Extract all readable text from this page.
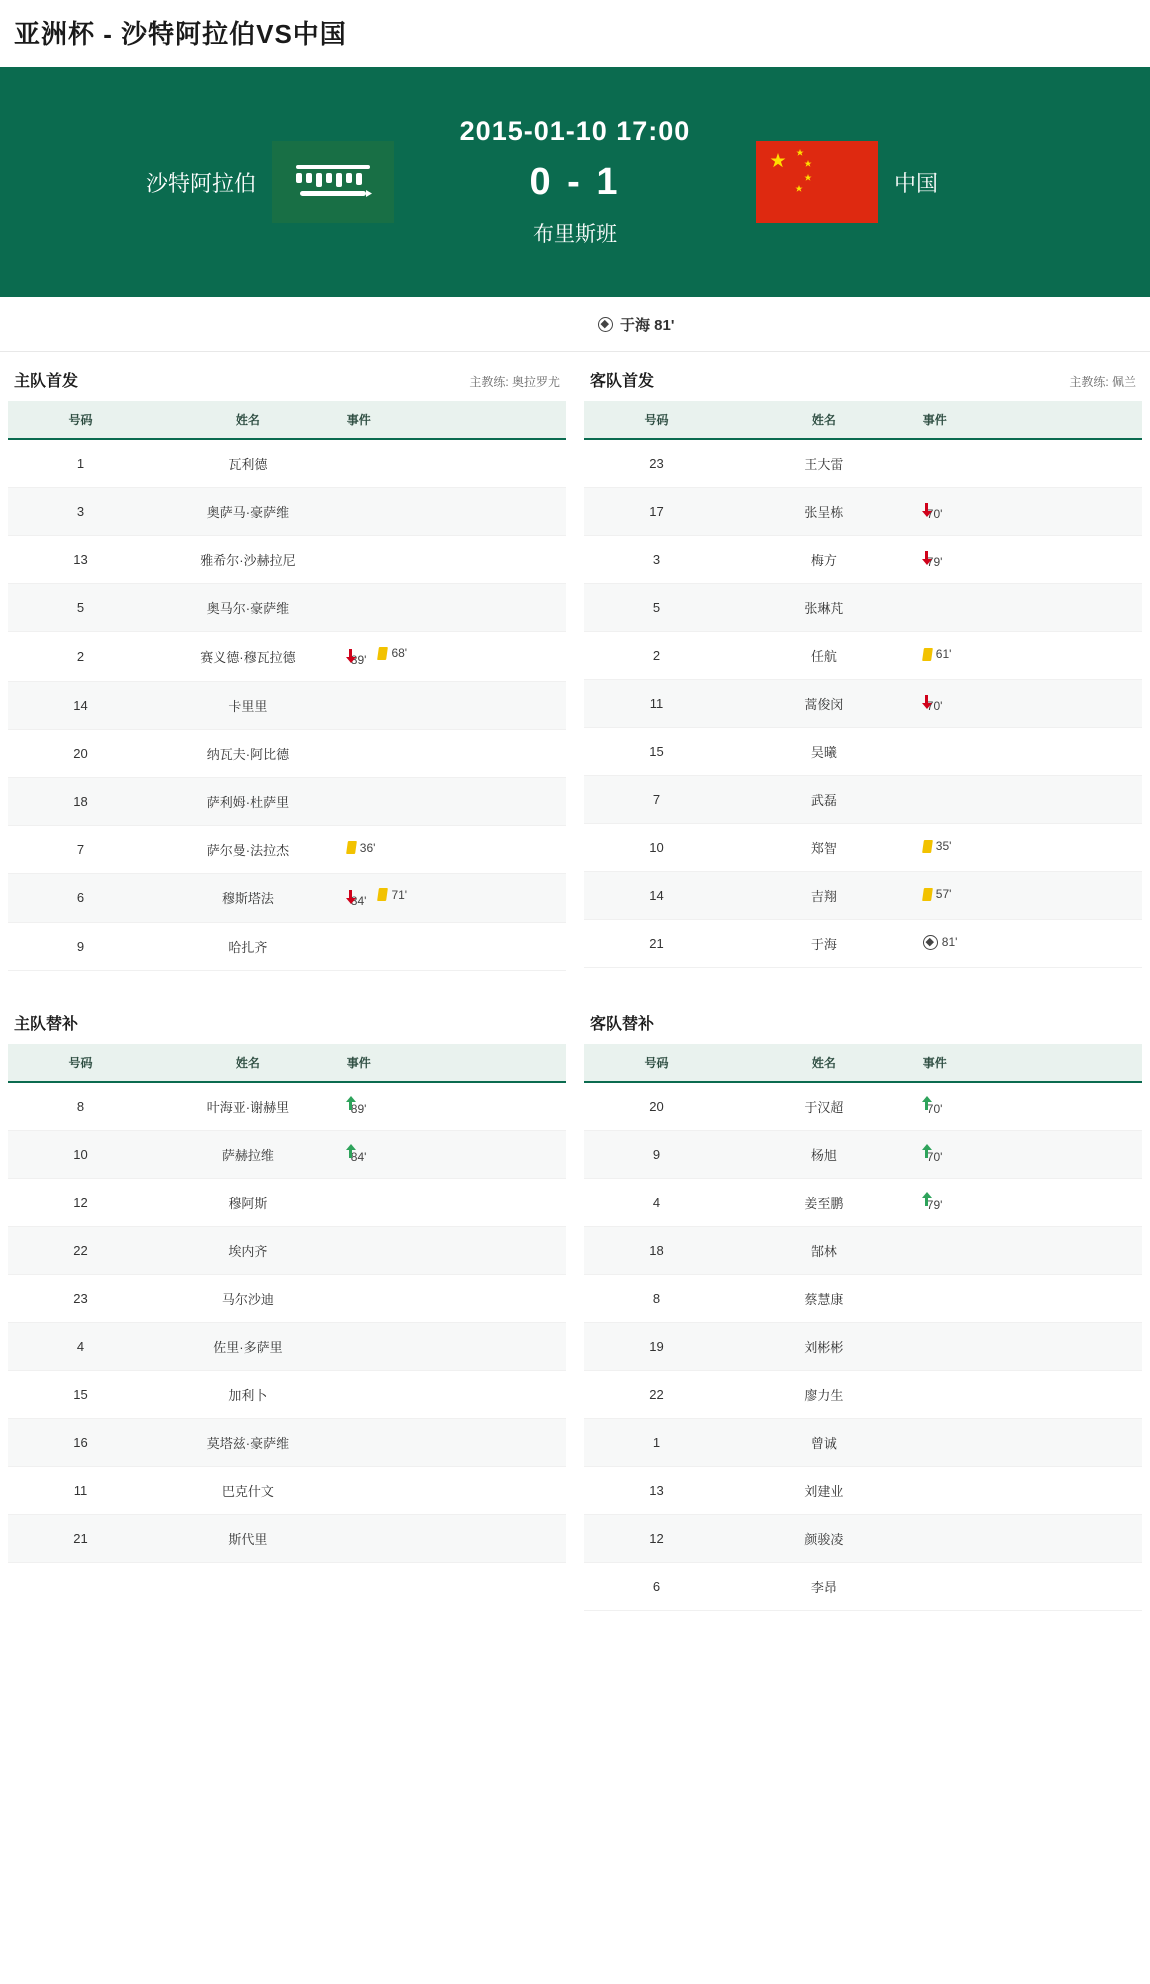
亚洲杯 - 沙特阿拉伯VS中国
沙特阿拉伯
2015-01-10 17:00
0 - 1
布里斯班
中国
于海 81'
主队首发	主教练: 奥拉罗尤
号码	姓名	事件
1	瓦利德	
3	奥萨马·豪萨维	
13	雅希尔·沙赫拉尼	
5	奥马尔·豪萨维	
2	赛义德·穆瓦拉德	89' 68'

14	卡里里	
20	纳瓦夫·阿比德	
18	萨利姆·杜萨里	
7	萨尔曼·法拉杰	36'

6	穆斯塔法	84' 71'

9	哈扎齐	
客队首发	主教练: 佩兰
号码	姓名	事件
23	王大雷	
17	张呈栋	70'

3	梅方	79'

5	张琳芃	
2	任航	61'

11	蒿俊闵	70'

15	吴曦	
7	武磊	
10	郑智	35'

14	吉翔	57'

21	于海	81'
主队替补
号码	姓名	事件
8	叶海亚·谢赫里	89'

10	萨赫拉维	84'

12	穆阿斯	
22	埃内齐	
23	马尔沙迪	
4	佐里·多萨里	
15	加利卜	
16	莫塔兹·豪萨维	
11	巴克什文	
21	斯代里	
客队替补
号码	姓名	事件
20	于汉超	70'

9	杨旭	70'

4	姜至鹏	79'

18	郜林	
8	蔡慧康	
19	刘彬彬	
22	廖力生	
1	曾诚	
13	刘建业	
12	颜骏凌	
6	李昂	
